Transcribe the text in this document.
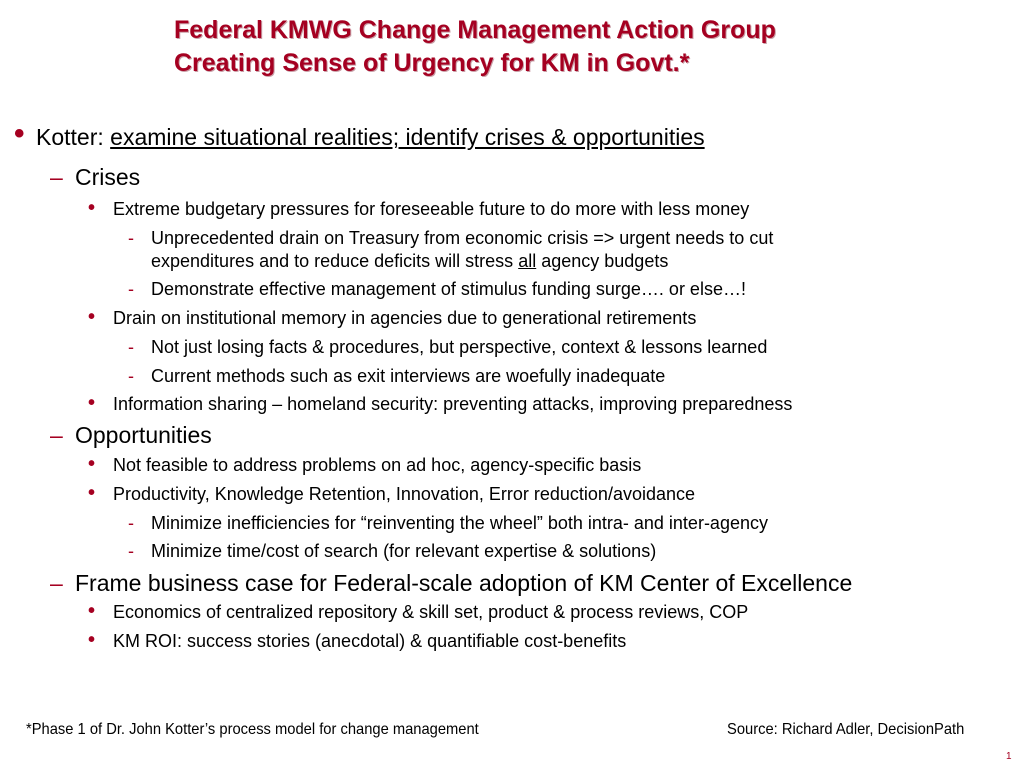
Federal KMWG Change Management Action Group
Creating Sense of Urgency for KM in Govt.*
• Kotter: examine situational realities; identify crises & opportunities
– Crises
• Extreme budgetary pressures for foreseeable future to do more with less money
- Unprecedented drain on Treasury from economic crisis => urgent needs to cut
expenditures and to reduce deficits will stress all agency budgets
- Demonstrate effective management of stimulus funding surge…. or else…!
• Drain on institutional memory in agencies due to generational retirements
- Not just losing facts & procedures, but perspective, context & lessons learned
- Current methods such as exit interviews are woefully inadequate
• Information sharing – homeland security: preventing attacks, improving preparedness
– Opportunities
• Not feasible to address problems on ad hoc, agency-specific basis
• Productivity, Knowledge Retention, Innovation, Error reduction/avoidance
- Minimize inefficiencies for “reinventing the wheel” both intra- and inter-agency
- Minimize time/cost of search (for relevant expertise & solutions)
– Frame business case for Federal-scale adoption of KM Center of Excellence
• Economics of centralized repository & skill set, product & process reviews, COP
• KM ROI: success stories (anecdotal) & quantifiable cost-benefits
*Phase 1 of Dr. John Kotter’s process model for change management	Source: Richard Adler, DecisionPath
1
